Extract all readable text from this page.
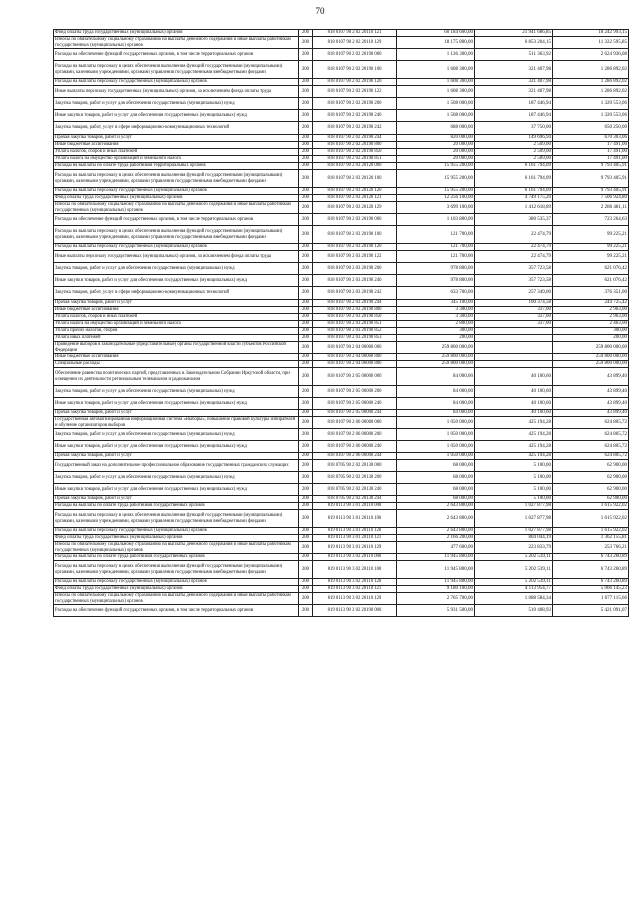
70
Фонд оплаты труда государственных (муниципальных) органов	200	818 0107 90 2 02 20110 121	60 184 600,00	21 941 686,85	18 242 993,15
Взносы по обязательному социальному страхованию на выплаты денежного содержания и иные выплаты работникам государственных (муниципальных) органов	200	818 0107 90 2 02 20110 129	18 175 800,00	6 853 204,15	11 322 595,85
Расходы на обеспечение функций государственных органов, в том числе территориальных органов	200	818 0107 90 2 02 20190 000	1 136 300,00	511 363,92	2 624 936,08
Расходы на выплаты персоналу в целях обеспечения выполнения функций государственными (муниципальными) органами, казенными учреждениями, органами управления государственными внебюджетными фондами	200	818 0107 90 2 02 20190 100	1 608 300,00	321 407,98	1 286 892,02
Расходы на выплаты персоналу государственных (муниципальных) органов	200	818 0107 90 2 02 20190 120	1 608 300,00	321 407,98	1 286 892,02
Иные выплаты персоналу государственных (муниципальных) органов, за исключением фонда оплаты труда	200	818 0107 90 2 02 20190 122	1 608 300,00	321 407,98	1 286 892,02
Закупка товаров, работ и услуг для обеспечения государственных (муниципальных) нужд	200	818 0107 90 2 02 20190 200	1 508 000,00	187 446,94	1 320 553,06
Иные закупки товаров, работ и услуг для обеспечения государственных (муниципальных) нужд	200	818 0107 90 2 02 20190 240	1 508 000,00	187 446,94	1 320 553,06
Закупка товаров, работ, услуг в сфере информационно-коммуникационных технологий	200	818 0107 90 2 02 20190 242	688 000,00	37 750,00	650 250,00
Прочая закупка товаров, работ и услуг	200	818 0107 90 2 02 20190 244	820 000,00	149 696,94	670 303,06
Иные бюджетные ассигнования	200	818 0107 90 2 02 20190 800	20 000,00	2 509,00	17 491,00
Уплата налогов, сборов и иных платежей	200	818 0107 90 2 02 20190 850	20 000,00	2 509,00	17 491,00
Уплата налога на имущество организаций и земельного налога	200	818 0107 90 2 02 20190 851	20 000,00	2 509,00	17 491,00
Расходы на выплаты по оплате труда работников территориальных органов	200	818 0107 90 2 03 20120 000	15 955 200,00	6 161 794,09	9 793 405,91
Расходы на выплаты персоналу в целях обеспечения выполнения функций государственными (муниципальными) органами, казенными учреждениями, органами управления государственными внебюджетными фондами	200	818 0107 90 2 03 20120 100	15 955 200,00	6 161 794,09	9 793 405,91
Расходы на выплаты персоналу государственных (муниципальных) органов	200	818 0107 90 2 03 20120 120	15 955 200,00	6 161 794,09	9 793 405,91
Фонд оплаты труда государственных (муниципальных) органов	200	818 0107 90 2 03 20120 121	12 256 100,00	4 749 175,20	7 506 924,80
Взносы по обязательному социальному страхованию на выплаты денежного содержания и иные выплаты работникам государственных (муниципальных) органов	200	818 0107 90 2 03 20120 129	3 699 100,00	1 412 618,89	2 286 481,11
Расходы на обеспечение функций государственных органов, в том числе территориальных органов	200	818 0107 90 2 03 20190 000	1 103 800,00	380 535,37	723 264,63
Расходы на выплаты персоналу в целях обеспечения выполнения функций государственными (муниципальными) органами, казенными учреждениями, органами управления государственными внебюджетными фондами	200	818 0107 90 2 03 20190 100	121 700,00	22 474,79	99 225,21
Расходы на выплаты персоналу государственных (муниципальных) органов	200	818 0107 90 2 03 20190 120	121 700,00	22 474,79	99 225,21
Иные выплаты персоналу государственных (муниципальных) органов, за исключением фонда оплаты труда	200	818 0107 90 2 03 20190 122	121 700,00	22 474,79	99 225,21
Закупка товаров, работ и услуг для обеспечения государственных (муниципальных) нужд	200	818 0107 90 2 03 20190 200	978 800,00	357 723,58	621 076,42
Иные закупки товаров, работ и услуг для обеспечения государственных (муниципальных) нужд	200	818 0107 90 2 03 20190 240	978 800,00	357 723,58	621 076,42
Закупка товаров, работ, услуг в сфере информационно-коммуникационных технологий	200	818 0107 90 2 03 20190 242	633 700,00	257 349,00	376 351,00
Прочая закупка товаров, работ и услуг	200	818 0107 90 2 03 20190 244	345 100,00	100 374,58	244 725,42
Иные бюджетные ассигнования	200	818 0107 90 2 03 20190 800	3 300,00	337,00	2 963,00
Уплата налогов, сборов и иных платежей	200	818 0107 90 2 03 20190 850	3 300,00	337,00	2 963,00
Уплата налога на имущество организаций и земельного налога	200	818 0107 90 2 03 20190 851	2 800,00	337,00	2 463,00
Уплата прочих налогов, сборов	200	818 0107 90 2 03 20190 852	300,00		300,00
Уплата иных платежей	200	818 0107 90 2 03 20190 853	200,00		200,00
Проведение выборов в законодательные (представительные) органы государственной власти субъектов Российской Федерации	200	818 0107 90 2 04 00000 000	259 800 000,00		259 800 000,00
Иные бюджетные ассигнования	200	818 0107 90 2 04 00000 800	259 800 000,00		259 800 000,00
Специальные расходы	200	818 0107 90 2 04 00000 880	259 800 000,00		259 800 000,00
Обеспечение равенства политических партий, представленных в Законодательном Собрании Иркутской области, при освещении их деятельности региональным телеканалом и радиоканалом	200	818 0107 90 2 05 00000 000	84 000,00	40 100,60	43 899,40
Закупка товаров, работ и услуг для обеспечения государственных (муниципальных) нужд	200	818 0107 90 2 05 00000 200	84 000,00	40 100,60	43 899,40
Иные закупки товаров, работ и услуг для обеспечения государственных (муниципальных) нужд	200	818 0107 90 2 05 00000 240	84 000,00	40 100,60	43 899,40
Прочая закупка товаров, работ и услуг	200	818 0107 90 2 05 00000 244	84 000,00	40 100,60	43 899,40
Государственная автоматизированная информационная система «Выборы», повышение правовой культуры избирателей и обучение организаторов выборов	200	818 0107 90 2 06 00000 000	1 050 000,00	425 194,28	624 805,72
Закупка товаров, работ и услуг для обеспечения государственных (муниципальных) нужд	200	818 0107 90 2 06 00000 200	1 050 000,00	425 194,28	624 805,72
Иные закупки товаров, работ и услуг для обеспечения государственных (муниципальных) нужд	200	818 0107 90 2 06 00000 240	1 050 000,00	425 194,28	624 805,72
Прочая закупка товаров, работ и услуг	200	818 0107 90 2 06 00000 244	1 050 000,00	425 194,28	624 805,72
Государственный заказ на дополнительное профессиональное образование государственных гражданских служащих	200	818 0705 90 2 02 20130 000	68 000,00	5 100,00	62 900,00
Закупка товаров, работ и услуг для обеспечения государственных (муниципальных) нужд	200	818 0705 90 2 02 20130 200	68 000,00	5 100,00	62 900,00
Иные закупки товаров, работ и услуг для обеспечения государственных (муниципальных) нужд	200	818 0705 90 2 02 20130 240	68 000,00	5 100,00	62 900,00
Прочая закупка товаров, работ и услуг	200	818 0705 90 2 02 20130 244	68 000,00	5 100,00	62 900,00
Расходы на выплаты по оплате труда работников государственных органов	200	819 0113 90 3 01 20110 000	2 643 800,00	1 027 877,98	1 615 922,02
Расходы на выплаты персоналу в целях обеспечения выполнения функций государственными (муниципальными) органами, казенными учреждениями, органами управления государственными внебюджетными фондами	200	819 0113 90 3 01 20110 100	2 643 800,00	1 027 877,98	1 615 922,02
Расходы на выплаты персоналу государственных (муниципальных) органов	200	819 0113 90 3 01 20110 120	2 643 800,00	1 027 877,98	1 615 922,02
Фонд оплаты труда государственных (муниципальных) органов	200	819 0113 90 3 01 20110 121	2 166 200,00	804 044,19	1 362 155,81
Взносы по обязательному социальному страхованию на выплаты денежного содержания и иные выплаты работникам государственных (муниципальных) органов	200	819 0113 90 3 01 20110 129	477 600,00	223 833,79	253 766,21
Расходы на выплаты по оплате труда работников государственных органов	200	819 0113 90 3 02 20110 000	11 945 800,00	5 202 539,11	6 743 260,89
Расходы на выплаты персоналу в целях обеспечения выполнения функций государственными (муниципальными) органами, казенными учреждениями, органами управления государственными внебюджетными фондами	200	819 0113 90 3 02 20110 100	11 945 800,00	5 202 539,11	6 743 260,89
Расходы на выплаты персоналу государственных (муниципальных) органов	200	819 0113 90 3 02 20110 120	11 945 800,00	5 202 539,11	6 743 260,89
Фонд оплаты труда государственных (муниципальных) органов	200	819 0113 90 3 02 20110 121	9 180 100,00	4 113 954,77	5 066 145,23
Взносы по обязательному социальному страхованию на выплаты денежного содержания и иные выплаты работникам государственных (муниципальных) органов	200	819 0113 90 3 02 20110 129	2 765 700,00	1 088 584,34	1 677 115,66
Расходы на обеспечение функций государственных органов, в том числе территориальных органов	200	819 0113 90 3 02 20190 000	5 931 500,00	510 408,93	5 421 091,07
